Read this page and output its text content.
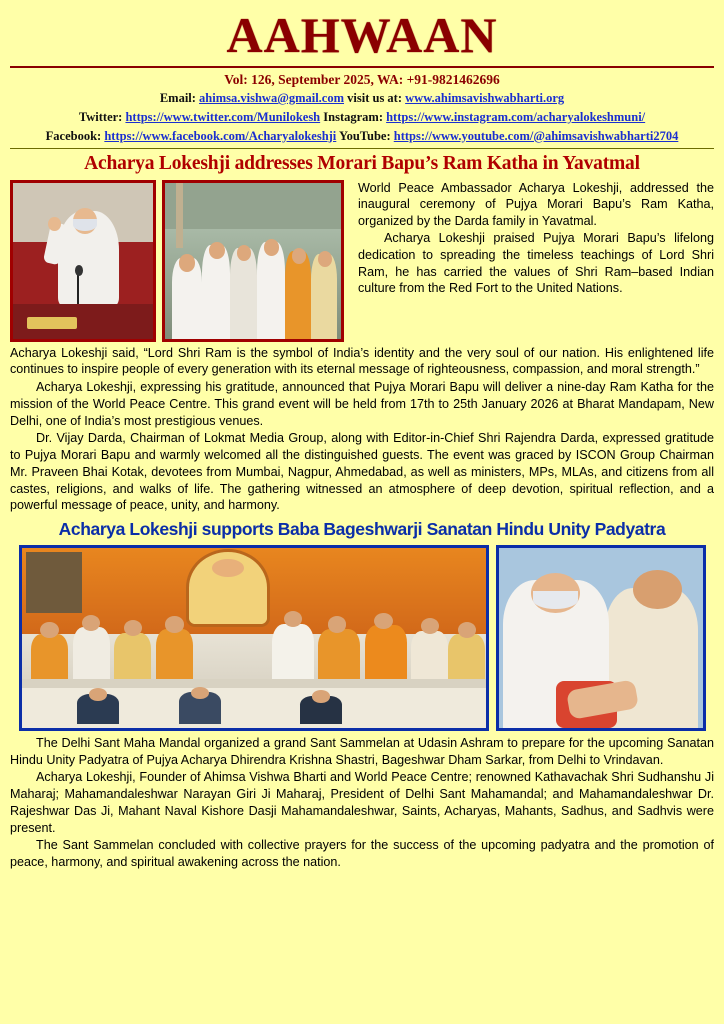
AAHWAAN
Vol: 126, September 2025, WA: +91-9821462696
Email: ahimsa.vishwa@gmail.com visit us at: www.ahimsavishwabharti.org
Twitter: https://www.twitter.com/Munilokesh Instagram: https://www.instagram.com/acharyalokeshmuni/
Facebook: https://www.facebook.com/Acharyalokeshji YouTube: https://www.youtube.com/@ahimsavishwabharti2704
Acharya Lokeshji addresses Morari Bapu’s Ram Katha in Yavatmal

World Peace Ambassador Acharya Lokeshji, addressed the inaugural ceremony of Pujya Morari Bapu’s Ram Katha, organized by the Darda family in Yavatmal.

Acharya Lokeshji praised Pujya Morari Bapu’s lifelong dedication to spreading the timeless teachings of Lord Shri Ram, he has carried the values of Shri Ram–based Indian culture from the Red Fort to the United Nations.

Acharya Lokeshji said, “Lord Shri Ram is the symbol of India’s identity and the very soul of our nation. His enlightened life continues to inspire people of every generation with its eternal message of righteousness, compassion, and moral strength.”

Acharya Lokeshji, expressing his gratitude, announced that Pujya Morari Bapu will deliver a nine-day Ram Katha for the mission of the World Peace Centre. This grand event will be held from 17th to 25th January 2026 at Bharat Mandapam, New Delhi, one of India’s most prestigious venues.

Dr. Vijay Darda, Chairman of Lokmat Media Group, along with Editor-in-Chief Shri Rajendra Darda, expressed gratitude to Pujya Morari Bapu and warmly welcomed all the distinguished guests. The event was graced by ISCON Group Chairman Mr. Praveen Bhai Kotak, devotees from Mumbai, Nagpur, Ahmedabad, as well as ministers, MPs, MLAs, and citizens from all castes, religions, and walks of life. The gathering witnessed an atmosphere of deep devotion, spiritual reflection, and a powerful message of peace, unity, and harmony.

Acharya Lokeshji supports Baba Bageshwarji Sanatan Hindu Unity Padyatra

The Delhi Sant Maha Mandal organized a grand Sant Sammelan at Udasin Ashram to prepare for the upcoming Sanatan Hindu Unity Padyatra of Pujya Acharya Dhirendra Krishna Shastri, Bageshwar Dham Sarkar, from Delhi to Vrindavan.

Acharya Lokeshji, Founder of Ahimsa Vishwa Bharti and World Peace Centre; renowned Kathavachak Shri Sudhanshu Ji Maharaj; Mahamandaleshwar Narayan Giri Ji Maharaj, President of Delhi Sant Mahamandal; and Mahamandaleshwar Dr. Rajeshwar Das Ji, Mahant Naval Kishore Dasji Mahamandaleshwar, Saints, Acharyas, Mahants, Sadhus, and Sadhvis were present.

The Sant Sammelan concluded with collective prayers for the success of the upcoming padyatra and the promotion of peace, harmony, and spiritual awakening across the nation.
